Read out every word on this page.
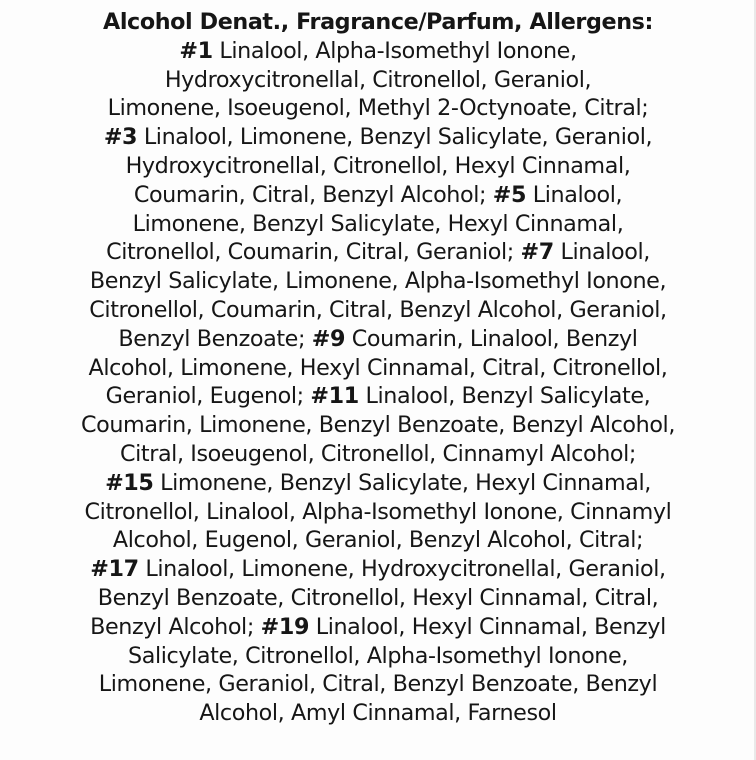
Alcohol Denat., Fragrance/Parfum, Allergens:
#1 Linalool, Alpha-Isomethyl Ionone,
Hydroxycitronellal, Citronellol, Geraniol,
Limonene, Isoeugenol, Methyl 2-Octynoate, Citral;
#3 Linalool, Limonene, Benzyl Salicylate, Geraniol,
Hydroxycitronellal, Citronellol, Hexyl Cinnamal,
Coumarin, Citral, Benzyl Alcohol; #5 Linalool,
Limonene, Benzyl Salicylate, Hexyl Cinnamal,
Citronellol, Coumarin, Citral, Geraniol; #7 Linalool,
Benzyl Salicylate, Limonene, Alpha-Isomethyl Ionone,
Citronellol, Coumarin, Citral, Benzyl Alcohol, Geraniol,
Benzyl Benzoate; #9 Coumarin, Linalool, Benzyl
Alcohol, Limonene, Hexyl Cinnamal, Citral, Citronellol,
Geraniol, Eugenol; #11 Linalool, Benzyl Salicylate,
Coumarin, Limonene, Benzyl Benzoate, Benzyl Alcohol,
Citral, Isoeugenol, Citronellol, Cinnamyl Alcohol;
#15 Limonene, Benzyl Salicylate, Hexyl Cinnamal,
Citronellol, Linalool, Alpha-Isomethyl Ionone, Cinnamyl
Alcohol, Eugenol, Geraniol, Benzyl Alcohol, Citral;
#17 Linalool, Limonene, Hydroxycitronellal, Geraniol,
Benzyl Benzoate, Citronellol, Hexyl Cinnamal, Citral,
Benzyl Alcohol; #19 Linalool, Hexyl Cinnamal, Benzyl
Salicylate, Citronellol, Alpha-Isomethyl Ionone,
Limonene, Geraniol, Citral, Benzyl Benzoate, Benzyl
Alcohol, Amyl Cinnamal, Farnesol
